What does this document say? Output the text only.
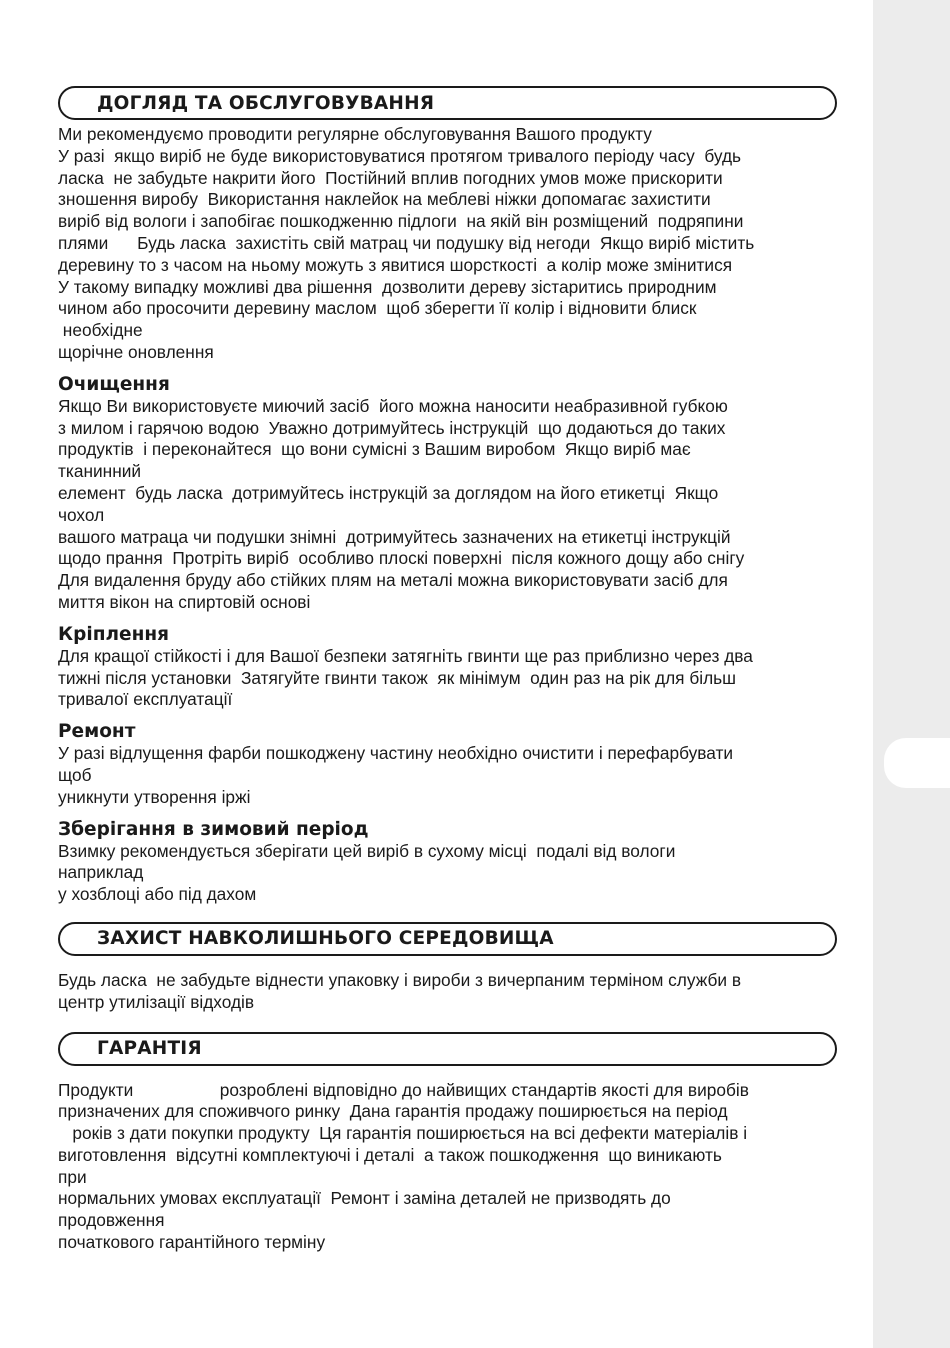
ДОГЛЯД ТА ОБСЛУГОВУВАННЯ

Ми рекомендуємо проводити регулярне обслуговування Вашого продукту
У разі  якщо виріб не буде використовуватися протягом тривалого періоду часу  будь
ласка  не забудьте накрити його  Постійний вплив погодних умов може прискорити
зношення виробу  Використання наклейок на меблеві ніжки допомагає захистити
виріб від вологи і запобігає пошкодженню підлоги  на якій він розміщений  подряпини
плями      Будь ласка  захистіть свій матрац чи подушку від негоди  Якщо виріб містить
деревину то з часом на ньому можуть з явитися шорсткості  а колір може змінитися
У такому випадку можливі два рішення  дозволити дереву зістаритись природним
чином або просочити деревину маслом  щоб зберегти її колір і відновити блиск
необхідне
щорічне оновлення

Очищення

Якщо Ви використовуєте миючий засіб  його можна наносити неабразивной губкою
з милом і гарячою водою  Уважно дотримуйтесь інструкцій  що додаються до таких
продуктів  і переконайтеся  що вони сумісні з Вашим виробом  Якщо виріб має
тканинний
елемент  будь ласка  дотримуйтесь інструкцій за доглядом на його етикетці  Якщо
чохол
вашого матраца чи подушки знімні  дотримуйтесь зазначених на етикетці інструкцій
щодо прання  Протріть виріб  особливо плоскі поверхні  після кожного дощу або снігу
Для видалення бруду або стійких плям на металі можна використовувати засіб для
миття вікон на спиртовій основі

Кріплення

Для кращої стійкості і для Вашої безпеки затягніть гвинти ще раз приблизно через два
тижні після установки  Затягуйте гвинти також  як мінімум  один раз на рік для більш
тривалої експлуатації

Ремонт

У разі відлущення фарби пошкоджену частину необхідно очистити і перефарбувати
щоб
уникнути утворення іржі

Зберігання в зимовий період

Взимку рекомендується зберігати цей виріб в сухому місці  подалі від вологи
наприклад
у хозблоці або під дахом

ЗАХИСТ НАВКОЛИШНЬОГО СЕРЕДОВИЩА

Будь ласка  не забудьте віднести упаковку і вироби з вичерпаним терміном служби в
центр утилізації відходів

ГАРАНТІЯ

Продукти                  розроблені відповідно до найвищих стандартів якості для виробів
призначених для споживчого ринку  Дана гарантія продажу поширюється на період
років з дати покупки продукту  Ця гарантія поширюється на всі дефекти матеріалів і
виготовлення  відсутні комплектуючі і деталі  а також пошкодження  що виникають
при
нормальних умовах експлуатації  Ремонт і заміна деталей не призводять до
продовження
початкового гарантійного терміну
